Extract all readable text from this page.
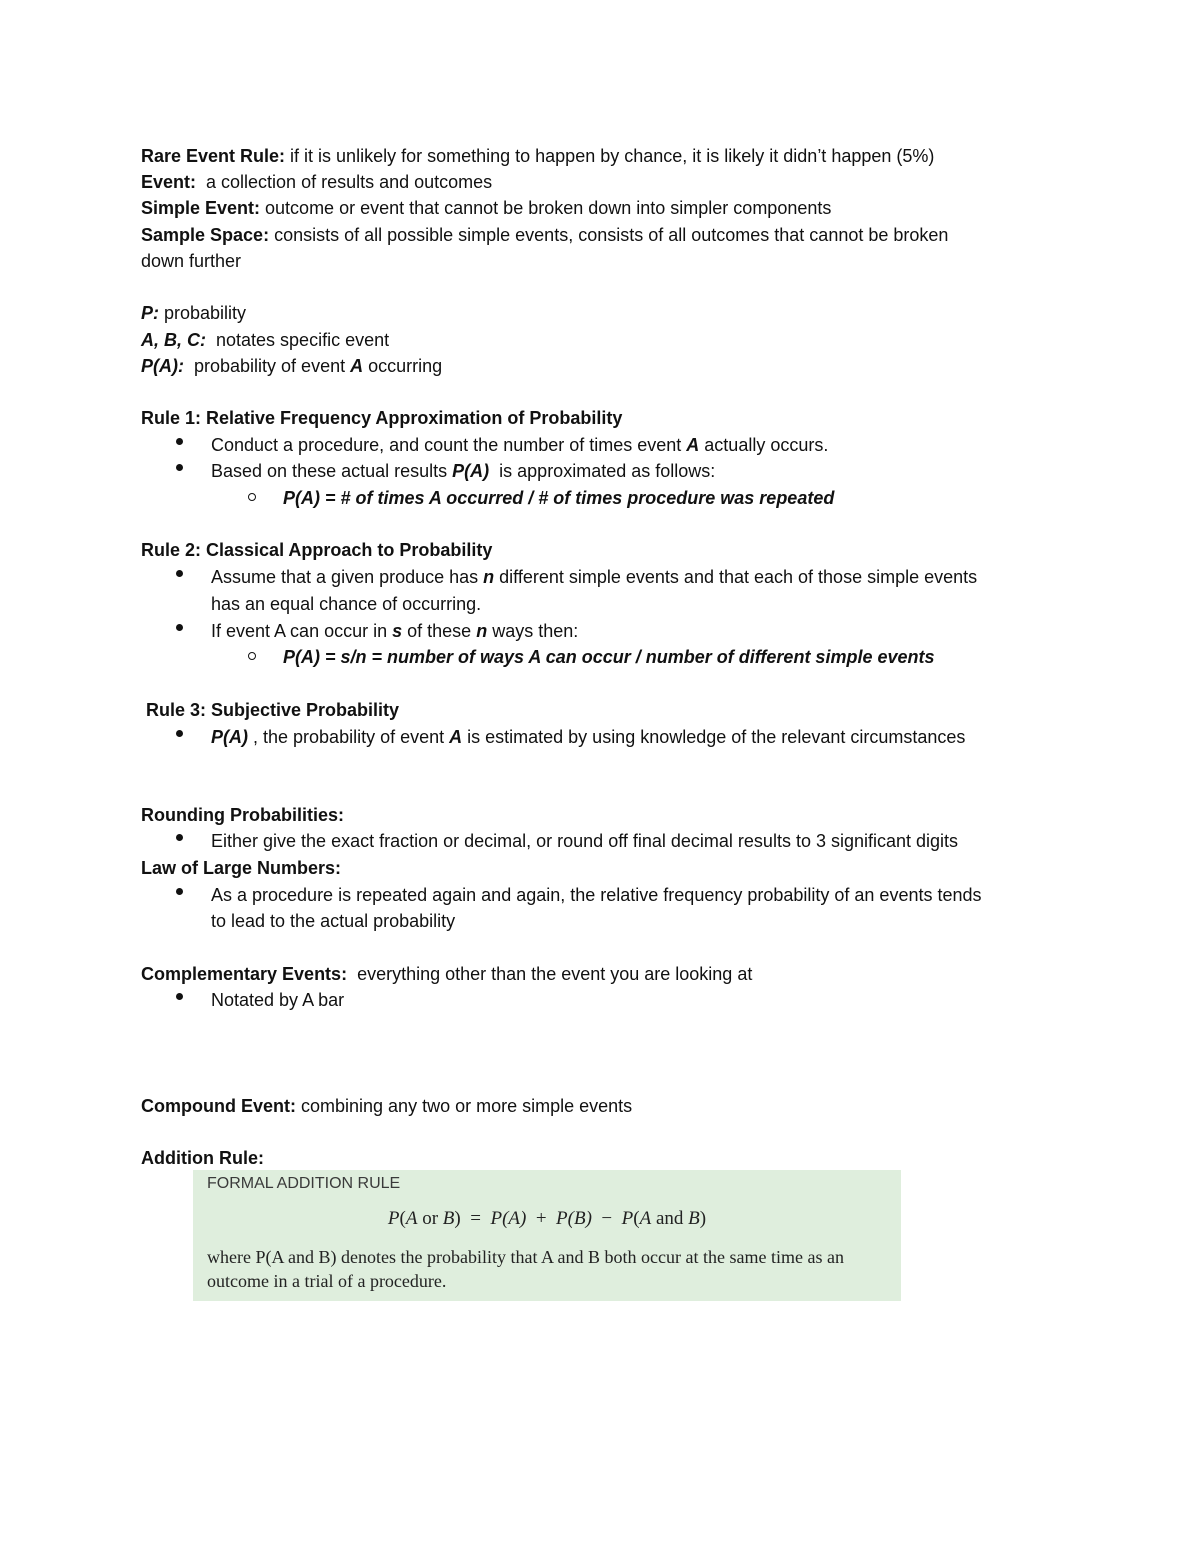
Rare Event Rule: if it is unlikely for something to happen by chance, it is likely it didn’t happen (5%)
Event:  a collection of results and outcomes
Simple Event: outcome or event that cannot be broken down into simpler components
Sample Space: consists of all possible simple events, consists of all outcomes that cannot be broken
down further
P: probability
A, B, C:  notates specific event
P(A):  probability of event A occurring
Rule 1: Relative Frequency Approximation of Probability
Conduct a procedure, and count the number of times event A actually occurs.
Based on these actual results P(A)  is approximated as follows:
P(A) = # of times A occurred / # of times procedure was repeated
Rule 2: Classical Approach to Probability
Assume that a given produce has n different simple events and that each of those simple events
has an equal chance of occurring.
If event A can occur in s of these n ways then:
P(A) = s/n = number of ways A can occur / number of different simple events
Rule 3: Subjective Probability
P(A) , the probability of event A is estimated by using knowledge of the relevant circumstances
Rounding Probabilities:
Either give the exact fraction or decimal, or round off final decimal results to 3 significant digits
Law of Large Numbers:
As a procedure is repeated again and again, the relative frequency probability of an events tends
to lead to the actual probability
Complementary Events:  everything other than the event you are looking at
Notated by A bar
Compound Event: combining any two or more simple events
Addition Rule:
FORMAL ADDITION RULE
P(A or B)  =  P(A)  +  P(B)  −  P(A and B)
where P(A and B) denotes the probability that A and B both occur at the same time as an outcome in a trial of a procedure.
